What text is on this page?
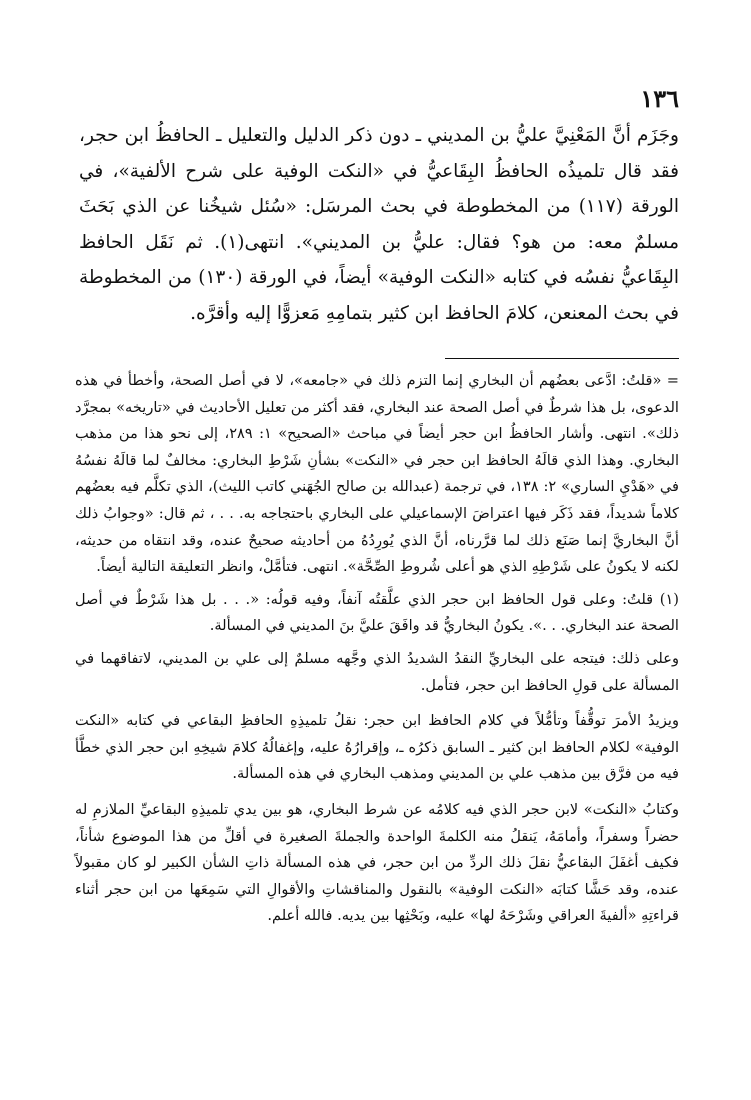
١٣٦

وجَزَم أنَّ المَعْنِيَّ عليُّ بن المديني ـ دون ذكر الدليل والتعليل ـ الحافظُ ابن حجر، فقد قال تلميذُه الحافظُ البِقَاعيُّ في «النكت الوفية على شرح الألفية»، في الورقة (١١٧) من المخطوطة في بحث المرسَل: «سُئل شيخُنا عن الذي بَحَثَ مسلمٌ معه: من هو؟ فقال: عليُّ بن المديني». انتهى(١). ثم نَقَل الحافظ البِقَاعيُّ نفسُه في كتابه «النكت الوفية» أيضاً، في الورقة (١٣٠) من المخطوطة في بحث المعنعن، كلامَ الحافظ ابن كثير بتمامِهِ مَعزوًّا إليه وأقرَّه.

= «قلتُ: ادَّعى بعضُهم أن البخاري إنما التزم ذلك في «جامعه»، لا في أصل الصحة، وأخطأ في هذه الدعوى، بل هذا شرطٌ في أصل الصحة عند البخاري، فقد أكثر من تعليل الأحاديث في «تاريخه» بمجرَّد ذلك». انتهى. وأشار الحافظُ ابن حجر أيضاً في مباحث «الصحيح» ١: ٢٨٩، إلى نحو هذا من مذهب البخاري. وهذا الذي قالَهُ الحافظ ابن حجر في «النكت» بشأنِ شَرْطِ البخاري: مخالفٌ لما قالَهُ نفسُهُ في «هَدْيِ الساري» ٢: ١٣٨، في ترجمة (عبدالله بن صالح الجُهَني كاتب الليث)، الذي تكلَّم فيه بعضُهم كلاماً شديداً، فقد ذَكَر فيها اعتراضَ الإسماعيلي على البخاري باحتجاجه به. . . ، ثم قال: «وجوابُ ذلك أنَّ البخاريَّ إنما صَنَع ذلك لما قرَّرناه، أنَّ الذي يُورِدُهُ من أحاديثه صحيحٌ عنده، وقد انتقاه من حديثه، لكنه لا يكونُ على شَرْطِهِ الذي هو أعلى شُروطِ الصِّحَّة». انتهى. فتأمَّلْ، وانظر التعليقة التالية أيضاً.

(١) قلتُ: وعلى قول الحافظ ابن حجر الذي علَّقتُه آنفاً، وفيه قولُه: «. . . بل هذا شَرْطٌ في أصل الصحة عند البخاري. . .». يكونُ البخاريُّ قد وافَقَ عليَّ بنَ المديني في المسألة.

وعلى ذلك: فيتجه على البخاريِّ النقدُ الشديدُ الذي وجَّهه مسلمٌ إلى علي بن المديني، لاتفاقهما في المسألة على قولِ الحافظ ابن حجر، فتأمل.

ويزيدُ الأمرَ توقُّفاً وتأمُّلاً في كلام الحافظ ابن حجر: نقلُ تلميذِهِ الحافظِ البقاعي في كتابه «النكت الوفية» لكلام الحافظ ابن كثير ـ السابق ذكرُه ـ، وإقرارُهُ عليه، وإغفالُهُ كلامَ شيخِهِ ابن حجر الذي خطَّأ فيه من فرَّق بين مذهب علي بن المديني ومذهب البخاري في هذه المسألة.

وكتابُ «النكت» لابن حجر الذي فيه كلامُه عن شرط البخاري، هو بين يدي تلميذِهِ البقاعيِّ الملازمِ له حضراً وسفراً، وأمامَهُ، يَنقلُ منه الكلمةَ الواحدة والجملةَ الصغيرة في أقلِّ من هذا الموضوع شأناً، فكيف أغفَلَ البقاعيُّ نقلَ ذلك الردِّ من ابن حجر، في هذه المسألة ذاتِ الشأن الكبير لو كان مقبولاً عنده، وقد حَشَّا كتابَه «النكت الوفية» بالنقول والمناقشاتِ والأقوالِ التي سَمِعَها من ابن حجر أثناء قراءتِهِ «ألفيةَ العراقي وشَرْحَهُ لها» عليه، وبَحْثِها بين يديه. فالله أعلم.
